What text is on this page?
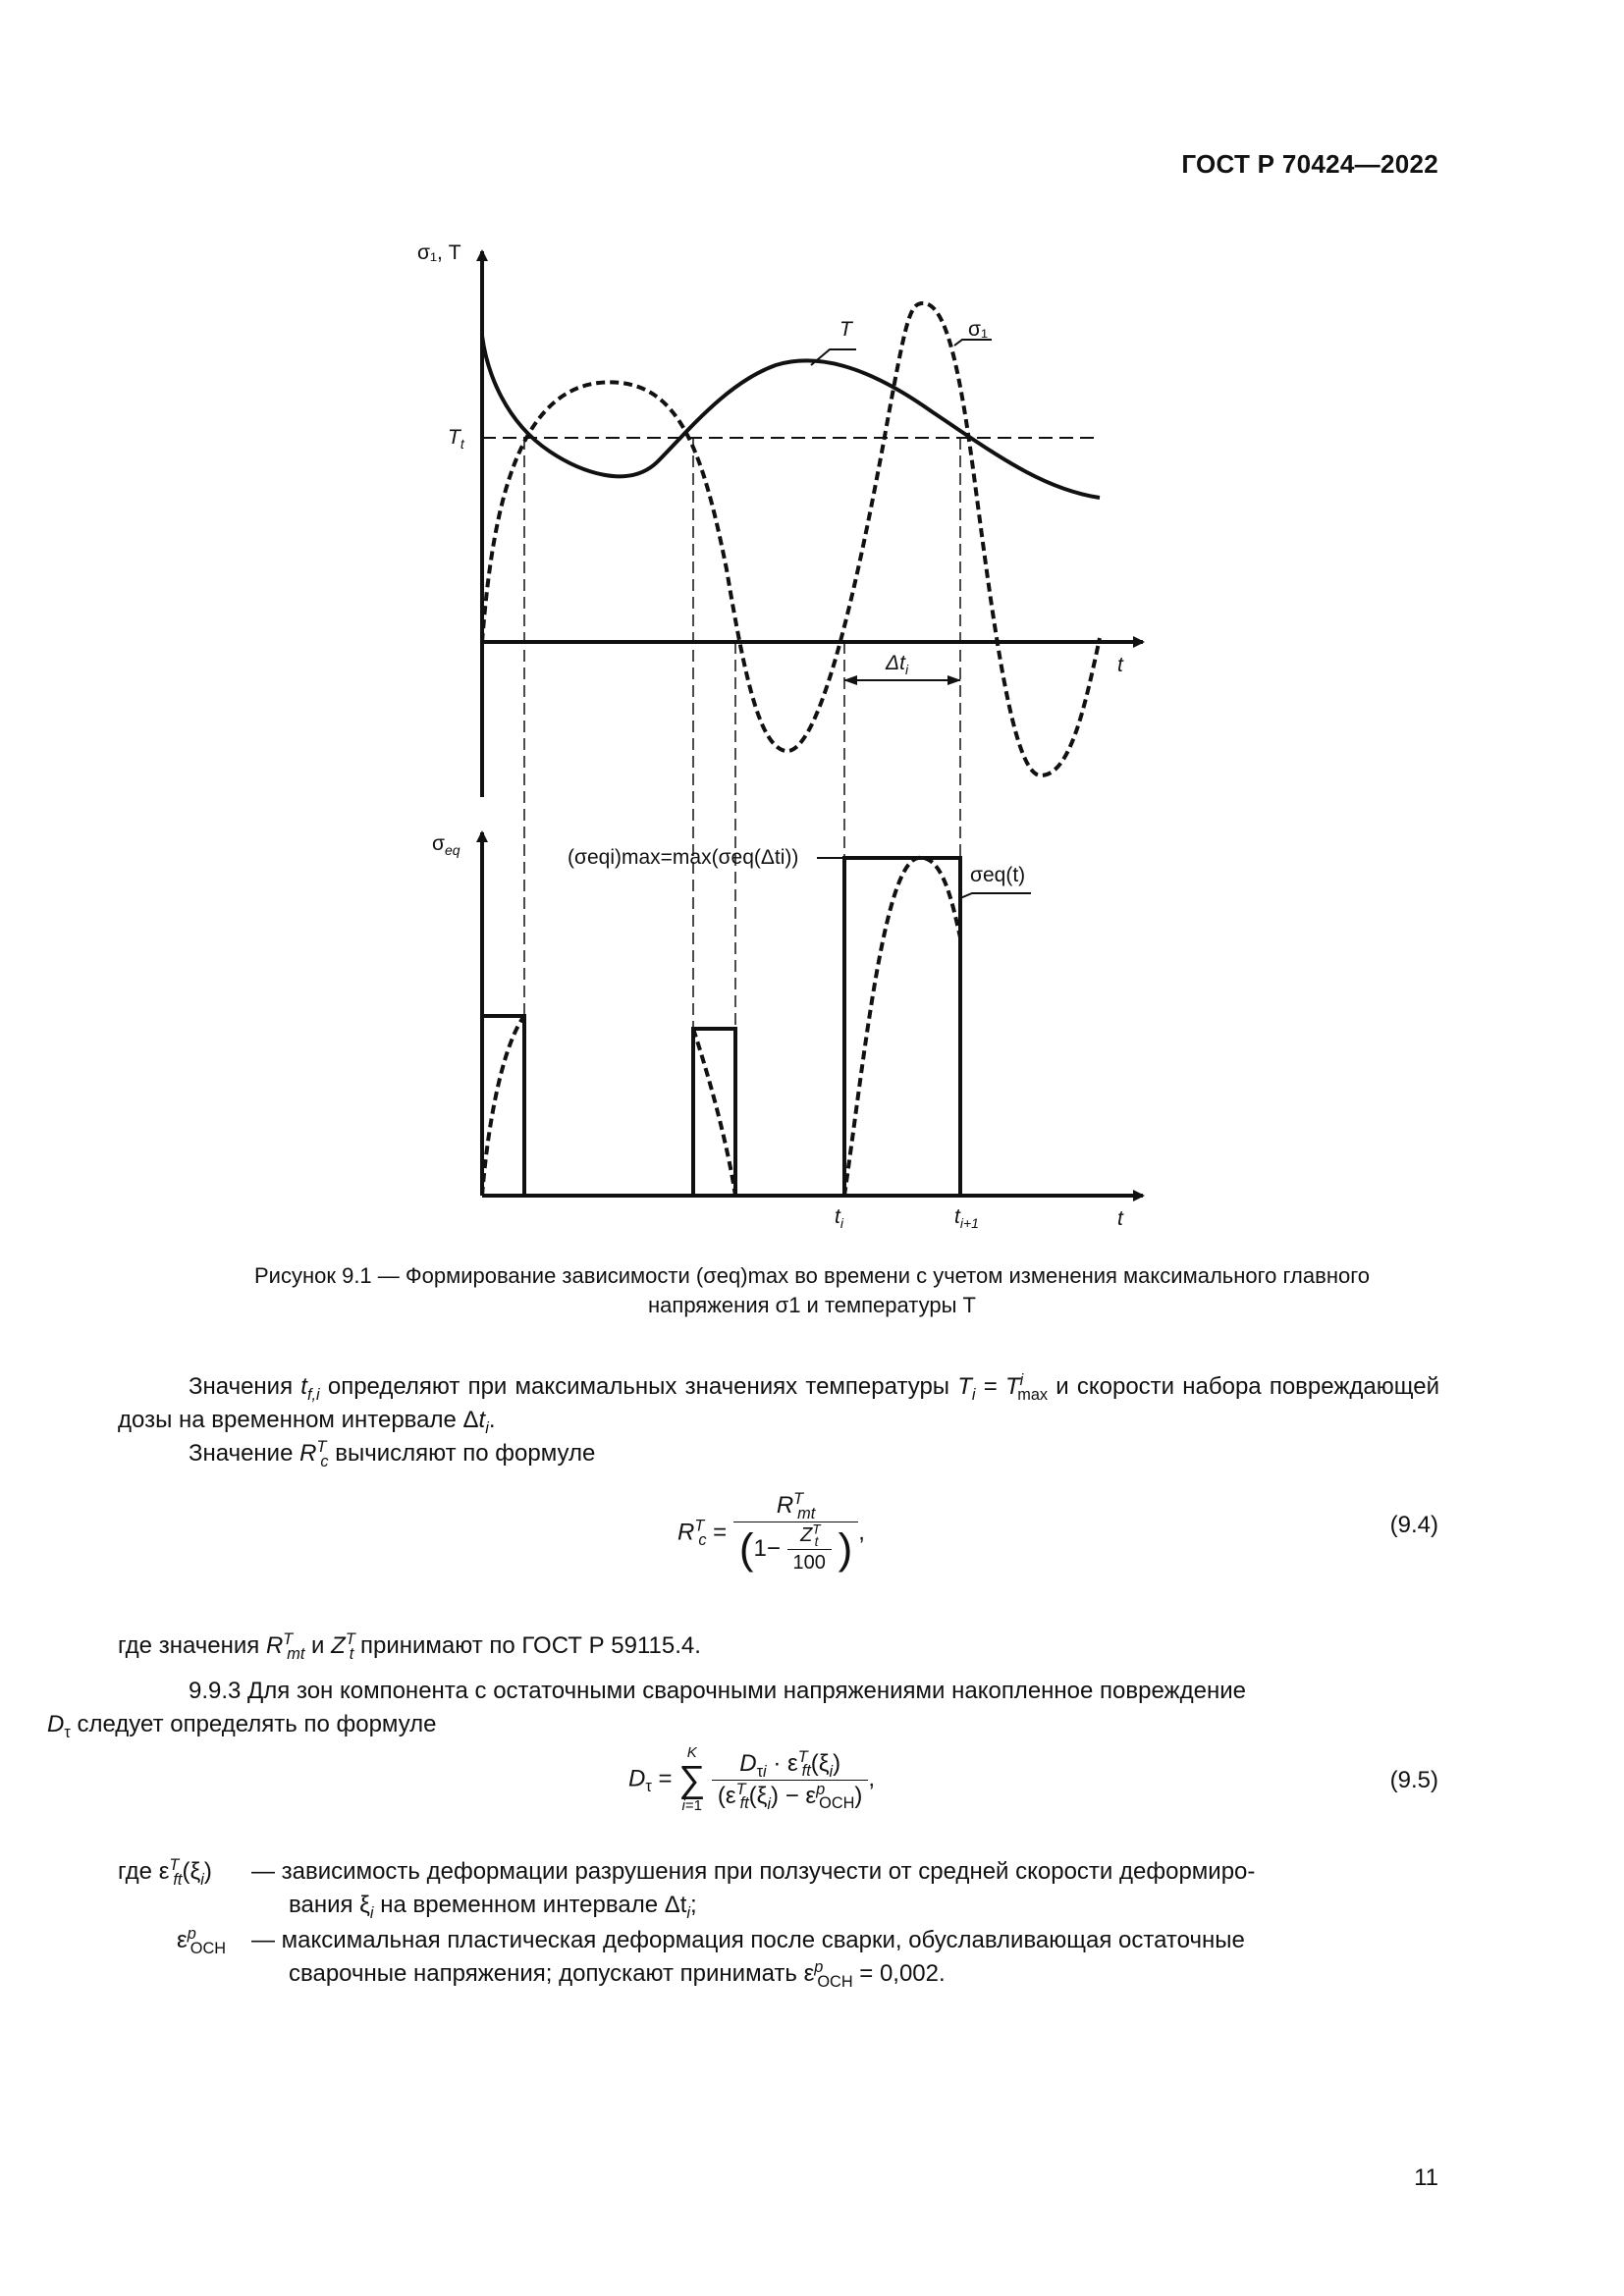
ГОСТ Р 70424—2022
T	σ₁
σ₁, T
$T_t$
t
$\Delta t_i$
$\sigma_{eq}$
t
(σeqi)max=max(σeq(Δti))
σeq(t)
$t_i$	$t_{i+1}$
Рисунок 9.1 — Формирование зависимости (σeq)max во времени с учетом изменения максимального главного
напряжения σ1 и температуры T
Значения $t_{f,i}$ определяют при максимальных значениях температуры $T_i = T^i_{max}$ и скорости набора повреждающей дозы на временном интервале $\Delta t_i$.
Значение $R^T_c$ вычисляют по формуле
$R^T_c = \frac{R^T_{mt}}{(1- \frac{Z^T_t}{100} )}$ ,	(9.4)
где значения $R^T_{mt}$ и $Z^T_t$ принимают по ГОСТ Р 59115.4.
9.9.3 Для зон компонента с остаточными сварочными напряжениями накопленное повреждение
$D_\tau$ следует определять по формуле
$D_\tau = K$
∑
$i=1 \frac{D_{\tau i} \cdot \varepsilon^T_{ft}(\xi_i)}{(\varepsilon^T_{ft}(\xi_i) - \varepsilon^p_{ОСН})}$ ,	(9.5)
где $\varepsilon^T_{ft}(\xi_i)$ — зависимость деформации разрушения при ползучести от средней скорости деформиро-
вания $\xi_i$ на временном интервале $\Delta t_i$;
$\varepsilon^p_{ОСН}$ — максимальная пластическая деформация после сварки, обуславливающая остаточные
сварочные напряжения; допускают принимать $\varepsilon^p_{ОСН} = 0,002$.
11
